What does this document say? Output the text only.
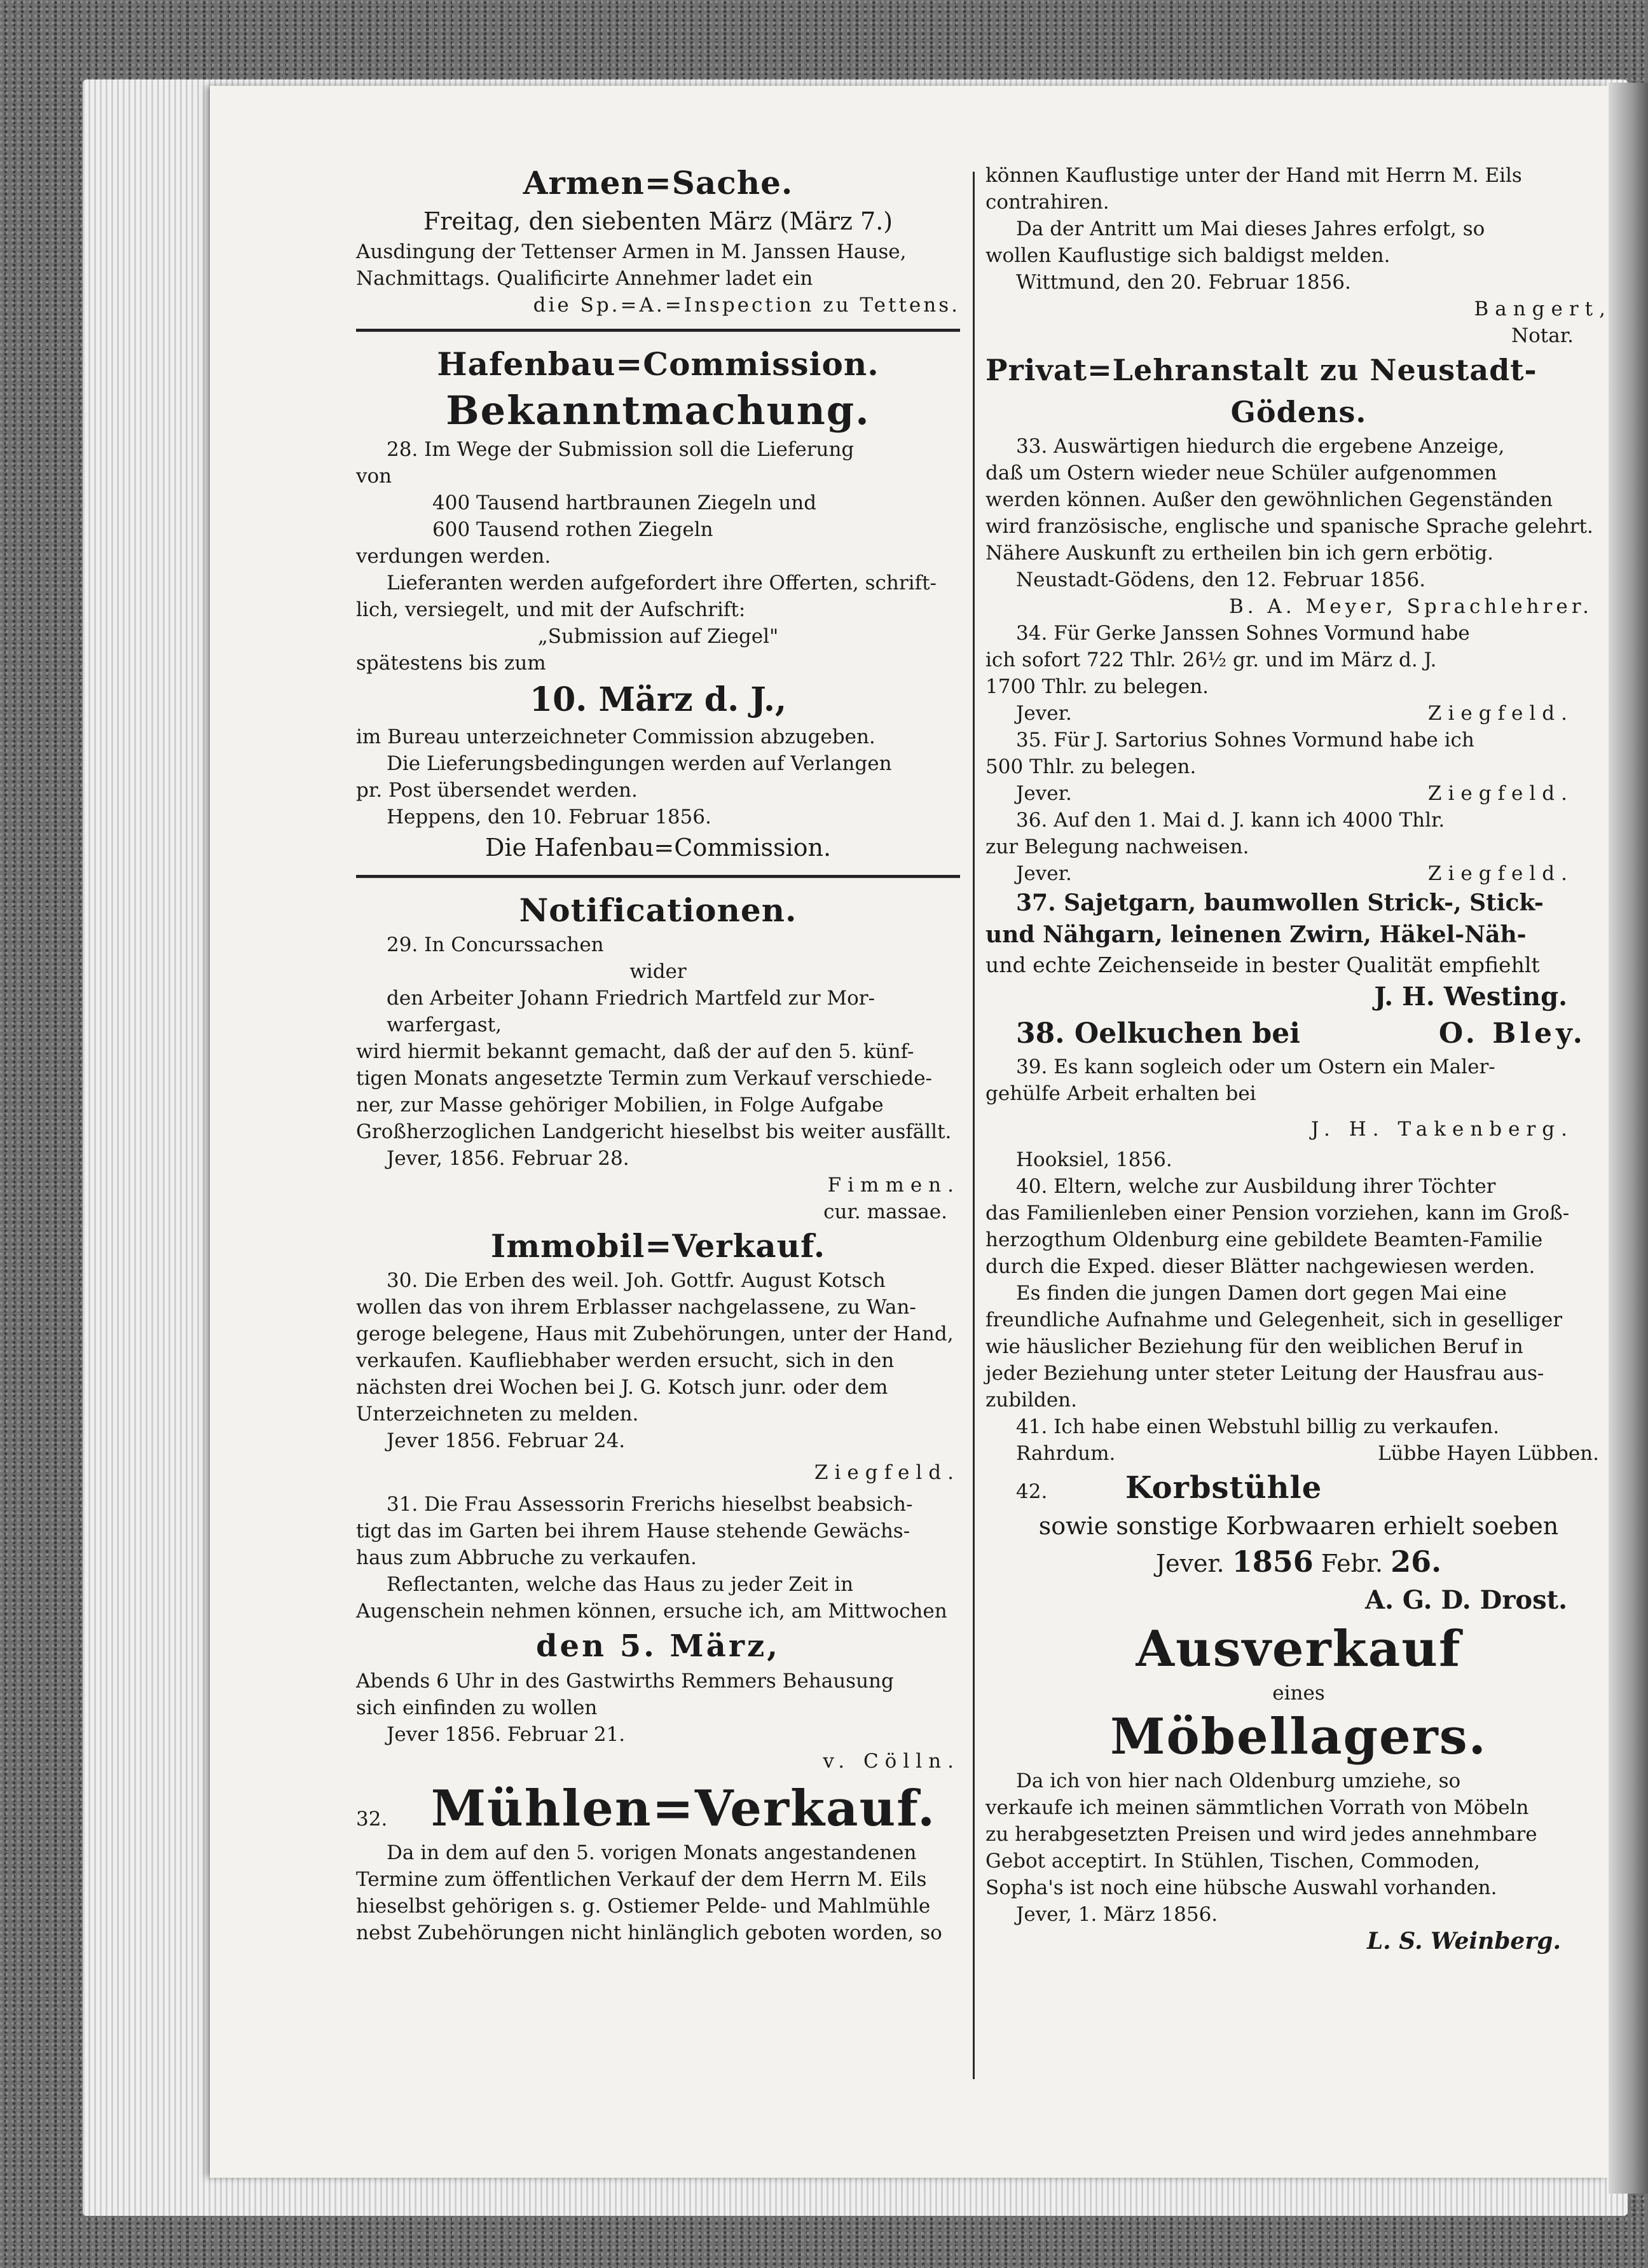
Armen=Sache.

Freitag, den siebenten März (März 7.)

Ausdingung der Tettenser Armen in M. Janssen Hause,

Nachmittags. Qualificirte Annehmer ladet ein

die Sp.=A.=Inspection zu Tettens.

Hafenbau=Commission.

Bekanntmachung.

28. Im Wege der Submission soll die Lieferung

von

400 Tausend hartbraunen Ziegeln und

600 Tausend rothen Ziegeln

verdungen werden.

Lieferanten werden aufgefordert ihre Offerten, schrift-

lich, versiegelt, und mit der Aufschrift:

„Submission auf Ziegel"

spätestens bis zum

10. März d. J.,

im Bureau unterzeichneter Commission abzugeben.

Die Lieferungsbedingungen werden auf Verlangen

pr. Post übersendet werden.

Heppens, den 10. Februar 1856.

Die Hafenbau=Commission.

Notificationen.

29. In Concurssachen

wider

den Arbeiter Johann Friedrich Martfeld zur Mor-

warfergast,

wird hiermit bekannt gemacht, daß der auf den 5. künf-

tigen Monats angesetzte Termin zum Verkauf verschiede-

ner, zur Masse gehöriger Mobilien, in Folge Aufgabe

Großherzoglichen Landgericht hieselbst bis weiter ausfällt.

Jever, 1856. Februar 28.

Fimmen.

cur. massae.

Immobil=Verkauf.

30. Die Erben des weil. Joh. Gottfr. August Kotsch

wollen das von ihrem Erblasser nachgelassene, zu Wan-

geroge belegene, Haus mit Zubehörungen, unter der Hand,

verkaufen. Kaufliebhaber werden ersucht, sich in den

nächsten drei Wochen bei J. G. Kotsch junr. oder dem

Unterzeichneten zu melden.

Jever 1856. Februar 24.

Ziegfeld.

31. Die Frau Assessorin Frerichs hieselbst beabsich-

tigt das im Garten bei ihrem Hause stehende Gewächs-

haus zum Abbruche zu verkaufen.

Reflectanten, welche das Haus zu jeder Zeit in

Augenschein nehmen können, ersuche ich, am Mittwochen

den 5. März,

Abends 6 Uhr in des Gastwirths Remmers Behausung

sich einfinden zu wollen

Jever 1856. Februar 21.

v. Cölln.

32. Mühlen=Verkauf.

Da in dem auf den 5. vorigen Monats angestandenen

Termine zum öffentlichen Verkauf der dem Herrn M. Eils

hieselbst gehörigen s. g. Ostiemer Pelde- und Mahlmühle

nebst Zubehörungen nicht hinlänglich geboten worden, so

können Kauflustige unter der Hand mit Herrn M. Eils

contrahiren.

Da der Antritt um Mai dieses Jahres erfolgt, so

wollen Kauflustige sich baldigst melden.

Wittmund, den 20. Februar 1856.

Bangert,

Notar.

Privat=Lehranstalt zu Neustadt-

Gödens.

33. Auswärtigen hiedurch die ergebene Anzeige,

daß um Ostern wieder neue Schüler aufgenommen

werden können. Außer den gewöhnlichen Gegenständen

wird französische, englische und spanische Sprache gelehrt.

Nähere Auskunft zu ertheilen bin ich gern erbötig.

Neustadt-Gödens, den 12. Februar 1856.

B. A. Meyer, Sprachlehrer.

34. Für Gerke Janssen Sohnes Vormund habe

ich sofort 722 Thlr. 26½ gr. und im März d. J.

1700 Thlr. zu belegen.

Jever.	Ziegfeld.

35. Für J. Sartorius Sohnes Vormund habe ich

500 Thlr. zu belegen.

Jever.	Ziegfeld.

36. Auf den 1. Mai d. J. kann ich 4000 Thlr.

zur Belegung nachweisen.

Jever.	Ziegfeld.

37. Sajetgarn, baumwollen Strick-, Stick-

und Nähgarn, leinenen Zwirn, Häkel-Näh-

und echte Zeichenseide in bester Qualität empfiehlt

J. H. Westing.

38. Oelkuchen bei	O. Bley.

39. Es kann sogleich oder um Ostern ein Maler-

gehülfe Arbeit erhalten bei

J. H. Takenberg.

Hooksiel, 1856.

40. Eltern, welche zur Ausbildung ihrer Töchter

das Familienleben einer Pension vorziehen, kann im Groß-

herzogthum Oldenburg eine gebildete Beamten-Familie

durch die Exped. dieser Blätter nachgewiesen werden.

Es finden die jungen Damen dort gegen Mai eine

freundliche Aufnahme und Gelegenheit, sich in geselliger

wie häuslicher Beziehung für den weiblichen Beruf in

jeder Beziehung unter steter Leitung der Hausfrau aus-

zubilden.

41. Ich habe einen Webstuhl billig zu verkaufen.

Rahrdum.	Lübbe Hayen Lübben.
42.	Korbstühle

sowie sonstige Korbwaaren erhielt soeben

Jever. 1856 Febr. 26.

A. G. D. Drost.

Ausverkauf

eines

Möbellagers.

Da ich von hier nach Oldenburg umziehe, so

verkaufe ich meinen sämmtlichen Vorrath von Möbeln

zu herabgesetzten Preisen und wird jedes annehmbare

Gebot acceptirt. In Stühlen, Tischen, Commoden,

Sopha's ist noch eine hübsche Auswahl vorhanden.

Jever, 1. März 1856.

L. S. Weinberg.
